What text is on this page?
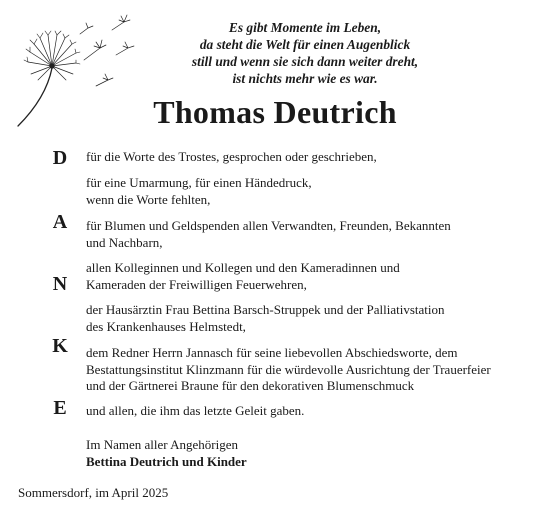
Es gibt Momente im Leben,
da steht die Welt für einen Augenblick
still und wenn sie sich dann weiter dreht,
ist nichts mehr wie es war.
Thomas Deutrich
D
A
N
K
E
für die Worte des Trostes, gesprochen oder geschrieben,
für eine Umarmung, für einen Händedruck,
wenn die Worte fehlten,
für Blumen und Geldspenden allen Verwandten, Freunden, Bekannten
und Nachbarn,
allen Kolleginnen und Kollegen und den Kameradinnen und
Kameraden der Freiwilligen Feuerwehren,
der Hausärztin Frau Bettina Barsch-Struppek und der Palliativstation
des Krankenhauses Helmstedt,
dem Redner Herrn Jannasch für seine liebevollen Abschiedsworte, dem
Bestattungsinstitut Klinzmann für die würdevolle Ausrichtung der Trauerfeier
und der Gärtnerei Braune für den dekorativen Blumenschmuck
und allen, die ihm das letzte Geleit gaben.
Im Namen aller Angehörigen
Bettina Deutrich und Kinder
Sommersdorf, im April 2025
